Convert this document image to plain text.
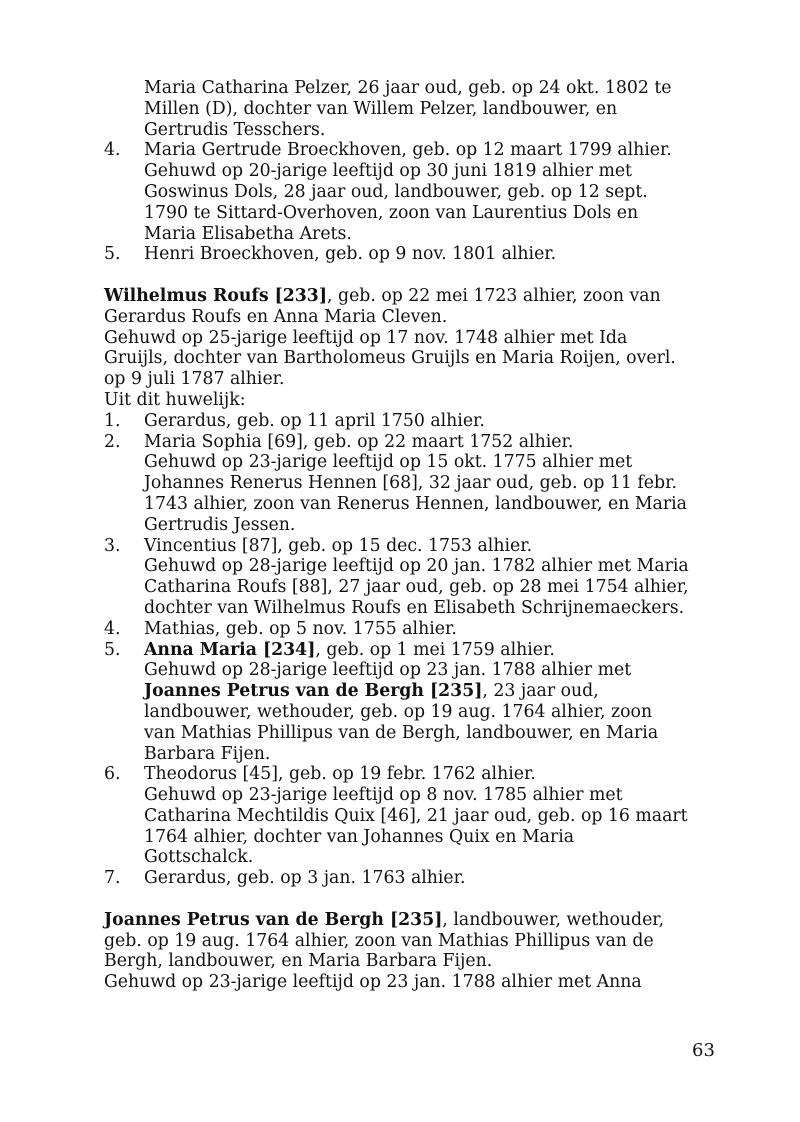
Maria Catharina Pelzer, 26 jaar oud, geb. op 24 okt. 1802 te
Millen (D), dochter van Willem Pelzer, landbouwer, en
Gertrudis Tesschers.
4. Maria Gertrude Broeckhoven, geb. op 12 maart 1799 alhier.
Gehuwd op 20-jarige leeftijd op 30 juni 1819 alhier met
Goswinus Dols, 28 jaar oud, landbouwer, geb. op 12 sept.
1790 te Sittard-Overhoven, zoon van Laurentius Dols en
Maria Elisabetha Arets.
5. Henri Broeckhoven, geb. op 9 nov. 1801 alhier.
Wilhelmus Roufs [233], geb. op 22 mei 1723 alhier, zoon van
Gerardus Roufs en Anna Maria Cleven.
Gehuwd op 25-jarige leeftijd op 17 nov. 1748 alhier met Ida
Gruijls, dochter van Bartholomeus Gruijls en Maria Roijen, overl.
op 9 juli 1787 alhier.
Uit dit huwelijk:
1. Gerardus, geb. op 11 april 1750 alhier.
2. Maria Sophia [69], geb. op 22 maart 1752 alhier.
Gehuwd op 23-jarige leeftijd op 15 okt. 1775 alhier met
Johannes Renerus Hennen [68], 32 jaar oud, geb. op 11 febr.
1743 alhier, zoon van Renerus Hennen, landbouwer, en Maria
Gertrudis Jessen.
3. Vincentius [87], geb. op 15 dec. 1753 alhier.
Gehuwd op 28-jarige leeftijd op 20 jan. 1782 alhier met Maria
Catharina Roufs [88], 27 jaar oud, geb. op 28 mei 1754 alhier,
dochter van Wilhelmus Roufs en Elisabeth Schrijnemaeckers.
4. Mathias, geb. op 5 nov. 1755 alhier.
5. Anna Maria [234], geb. op 1 mei 1759 alhier.
Gehuwd op 28-jarige leeftijd op 23 jan. 1788 alhier met
Joannes Petrus van de Bergh [235], 23 jaar oud,
landbouwer, wethouder, geb. op 19 aug. 1764 alhier, zoon
van Mathias Phillipus van de Bergh, landbouwer, en Maria
Barbara Fijen.
6. Theodorus [45], geb. op 19 febr. 1762 alhier.
Gehuwd op 23-jarige leeftijd op 8 nov. 1785 alhier met
Catharina Mechtildis Quix [46], 21 jaar oud, geb. op 16 maart
1764 alhier, dochter van Johannes Quix en Maria
Gottschalck.
7. Gerardus, geb. op 3 jan. 1763 alhier.
Joannes Petrus van de Bergh [235], landbouwer, wethouder,
geb. op 19 aug. 1764 alhier, zoon van Mathias Phillipus van de
Bergh, landbouwer, en Maria Barbara Fijen.
Gehuwd op 23-jarige leeftijd op 23 jan. 1788 alhier met Anna
63
